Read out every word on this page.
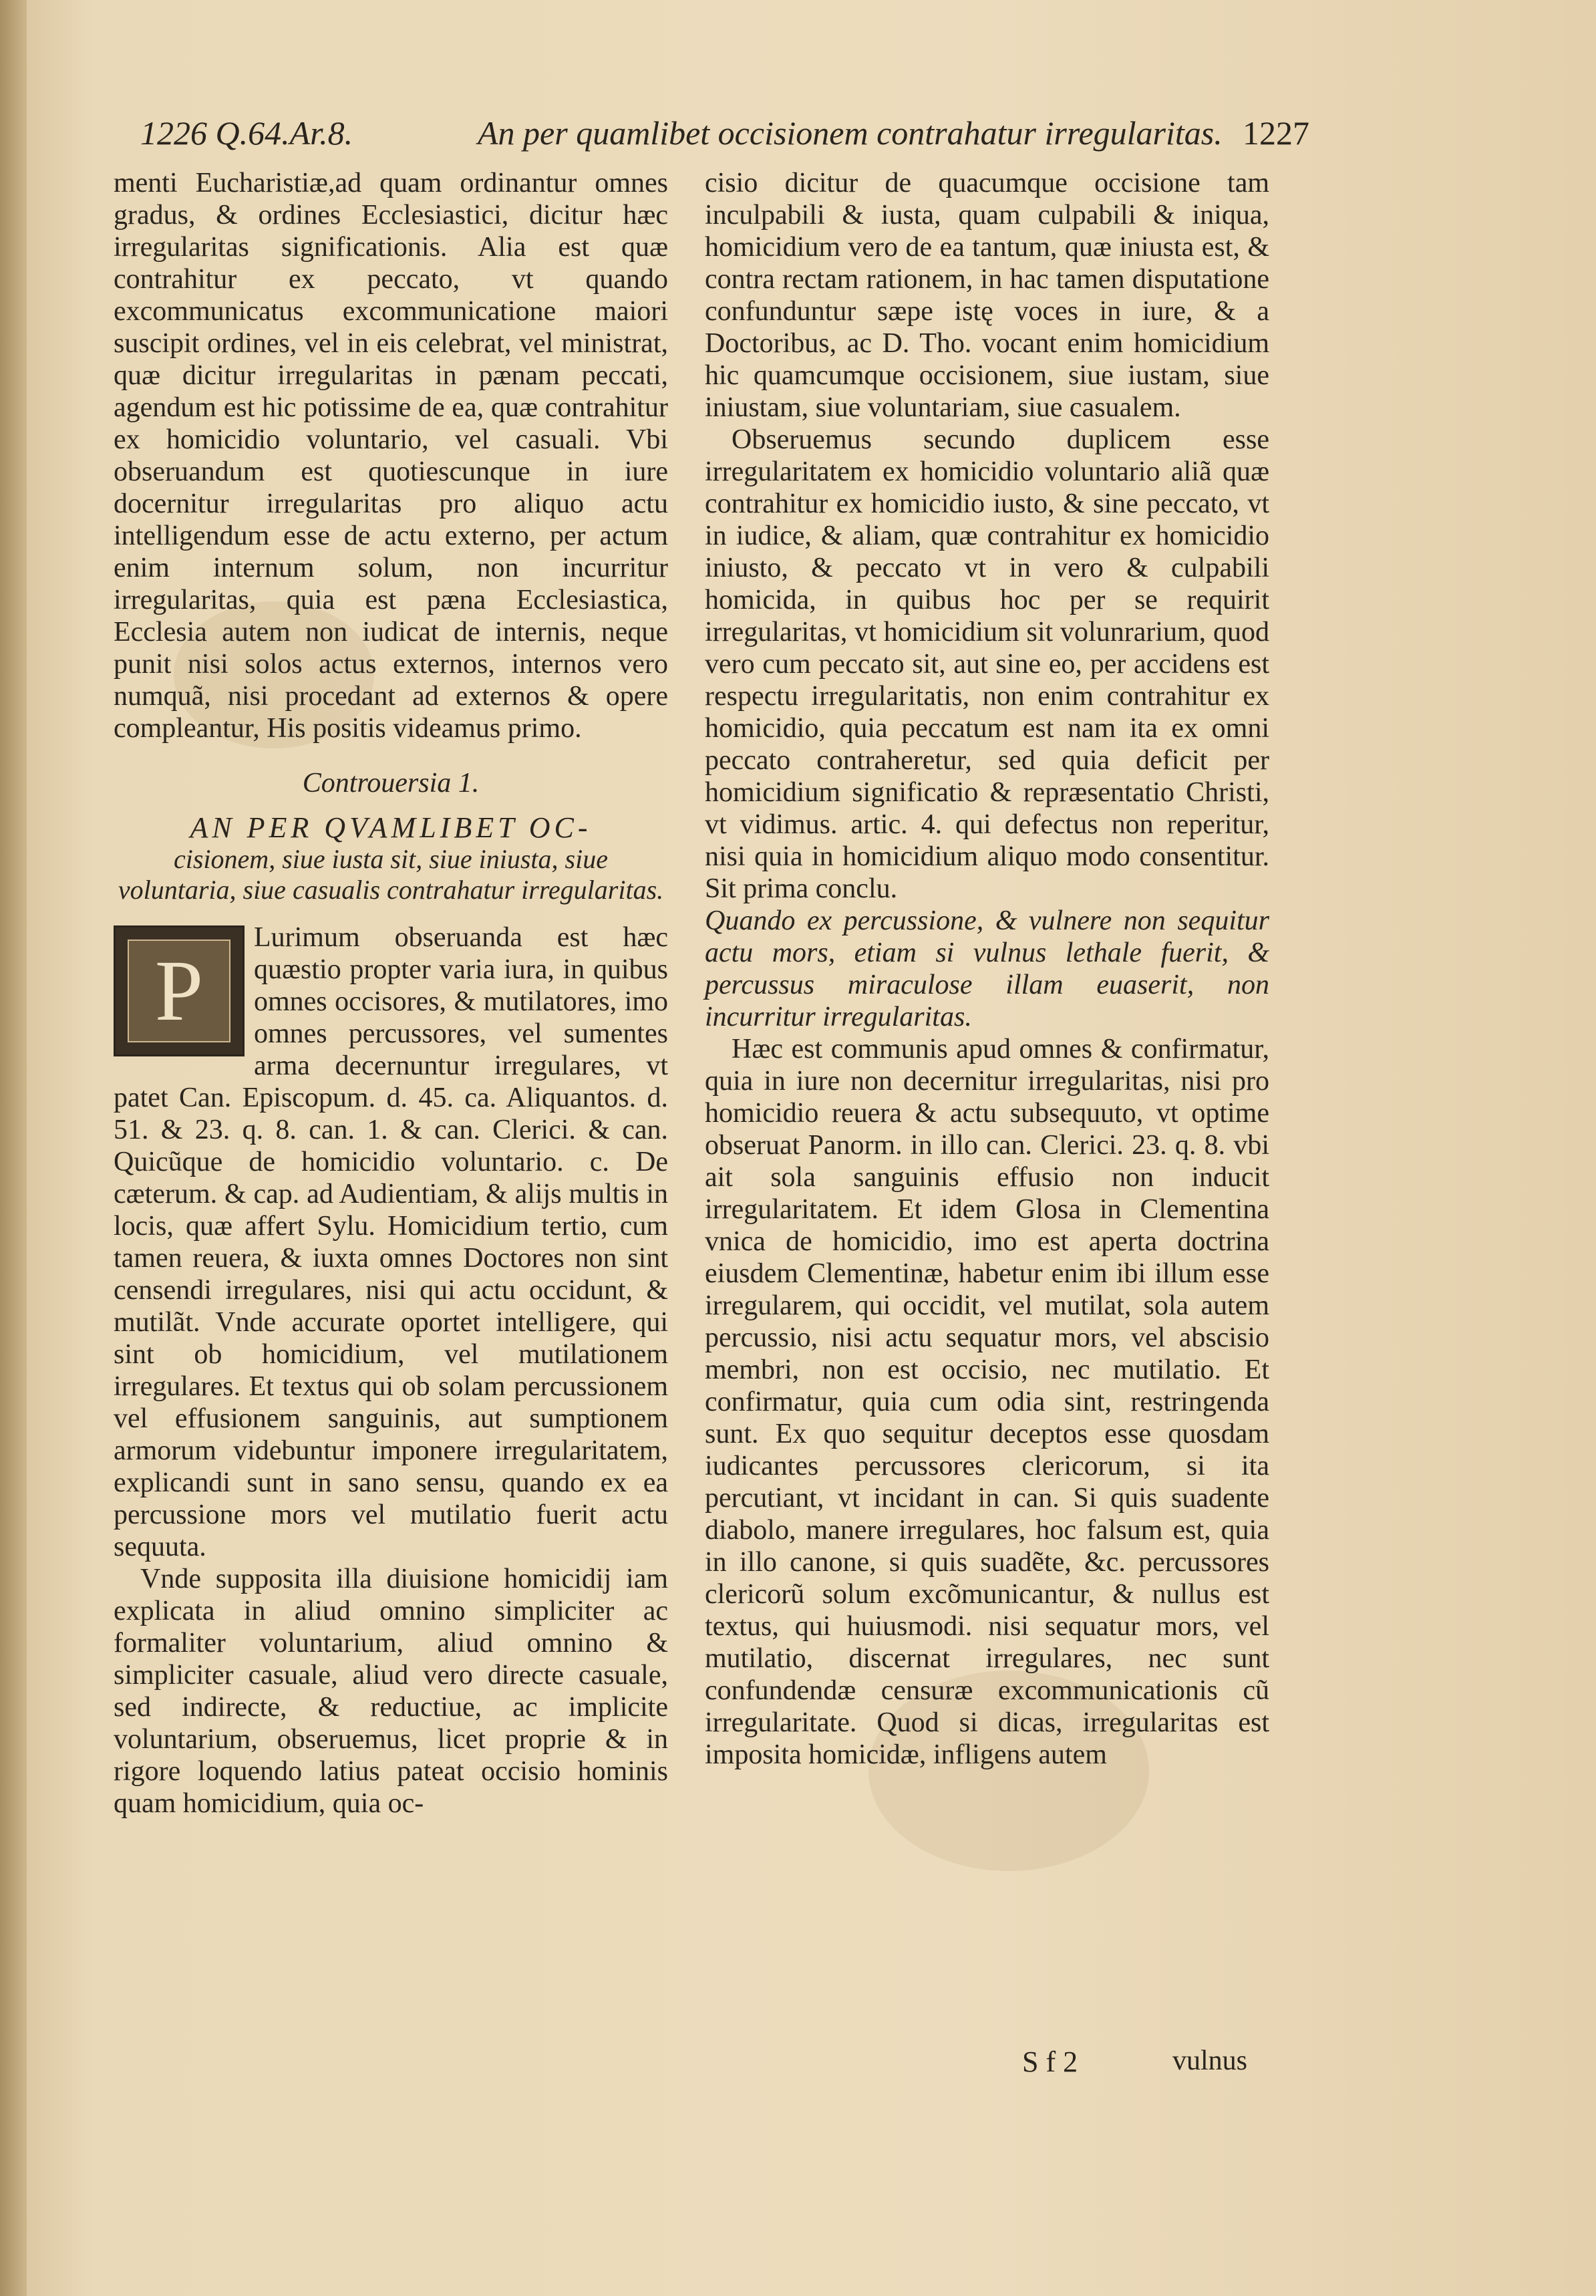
1226 Q.64.Ar.8.	An per quamlibet occisionem contrahatur irregularitas. 1227

menti Eucharistiæ,ad quam ordinantur omnes gradus, & ordines Ecclesiastici, dicitur hæc irregularitas significationis. Alia est quæ contrahitur ex peccato, vt quando excommunicatus excommunicatione maiori suscipit ordines, vel in eis celebrat, vel ministrat, quæ dicitur irregularitas in pænam peccati, agendum est hic potissime de ea, quæ contrahitur ex homicidio voluntario, vel casuali. Vbi obseruandum est quotiescunque in iure docernitur irregularitas pro aliquo actu intelligendum esse de actu externo, per actum enim internum solum, non incurritur irregularitas, quia est pæna Ecclesiastica, Ecclesia autem non iudicat de internis, neque punit nisi solos actus externos, internos vero numquã, nisi procedant ad externos & opere compleantur, His positis videamus primo.

Controuersia 1.
AN PER QVAMLIBET OC-
cisionem, siue iusta sit, siue iniusta, siue voluntaria, siue casualis contrahatur irregularitas.
P

Lurimum obseruanda est hæc quæstio propter varia iura, in quibus omnes occisores, & mutilatores, imo omnes percussores, vel sumentes arma decernuntur irregulares, vt patet Can. Episcopum. d. 45. ca. Aliquantos. d. 51. & 23. q. 8. can. 1. & can. Clerici. & can. Quicũque de homicidio voluntario. c. De cæterum. & cap. ad Audientiam, & alijs multis in locis, quæ affert Sylu. Homicidium tertio, cum tamen reuera, & iuxta omnes Doctores non sint censendi irregulares, nisi qui actu occidunt, & mutilãt. Vnde accurate oportet intelligere, qui sint ob homicidium, vel mutilationem irregulares. Et textus qui ob solam percussionem vel effusionem sanguinis, aut sumptionem armorum videbuntur imponere irregularitatem, explicandi sunt in sano sensu, quando ex ea percussione mors vel mutilatio fuerit actu sequuta.

Vnde supposita illa diuisione homicidij iam explicata in aliud omnino simpliciter ac formaliter voluntarium, aliud omnino & simpliciter casuale, aliud vero directe casuale, sed indirecte, & reductiue, ac implicite voluntarium, obseruemus, licet proprie & in rigore loquendo latius pateat occisio hominis quam homicidium, quia oc-

cisio dicitur de quacumque occisione tam inculpabili & iusta, quam culpabili & iniqua, homicidium vero de ea tantum, quæ iniusta est, & contra rectam rationem, in hac tamen disputatione confunduntur sæpe istę voces in iure, & a Doctoribus, ac D. Tho. vocant enim homicidium hic quamcumque occisionem, siue iustam, siue iniustam, siue voluntariam, siue casualem.

Obseruemus secundo duplicem esse irregularitatem ex homicidio voluntario aliã quæ contrahitur ex homicidio iusto, & sine peccato, vt in iudice, & aliam, quæ contrahitur ex homicidio iniusto, & peccato vt in vero & culpabili homicida, in quibus hoc per se requirit irregularitas, vt homicidium sit volunrarium, quod vero cum peccato sit, aut sine eo, per accidens est respectu irregularitatis, non enim contrahitur ex homicidio, quia peccatum est nam ita ex omni peccato contraheretur, sed quia deficit per homicidium significatio & repræsentatio Christi, vt vidimus. artic. 4. qui defectus non reperitur, nisi quia in homicidium aliquo modo consentitur. Sit prima conclu.

Quando ex percussione, & vulnere non sequitur actu mors, etiam si vulnus lethale fuerit, & percussus miraculose illam euaserit, non incurritur irregularitas.

Hæc est communis apud omnes & confirmatur, quia in iure non decernitur irregularitas, nisi pro homicidio reuera & actu subsequuto, vt optime obseruat Panorm. in illo can. Clerici. 23. q. 8. vbi ait sola sanguinis effusio non inducit irregularitatem. Et idem Glosa in Clementina vnica de homicidio, imo est aperta doctrina eiusdem Clementinæ, habetur enim ibi illum esse irregularem, qui occidit, vel mutilat, sola autem percussio, nisi actu sequatur mors, vel abscisio membri, non est occisio, nec mutilatio. Et confirmatur, quia cum odia sint, restringenda sunt. Ex quo sequitur deceptos esse quosdam iudicantes percussores clericorum, si ita percutiant, vt incidant in can. Si quis suadente diabolo, manere irregulares, hoc falsum est, quia in illo canone, si quis suadẽte, &c. percussores clericorũ solum excõmunicantur, & nullus est textus, qui huiusmodi. nisi sequatur mors, vel mutilatio, discernat irregulares, nec sunt confundendæ censuræ excommunicationis cũ irregularitate. Quod si dicas, irregularitas est imposita homicidæ, infligens autem

S f 2	vulnus
